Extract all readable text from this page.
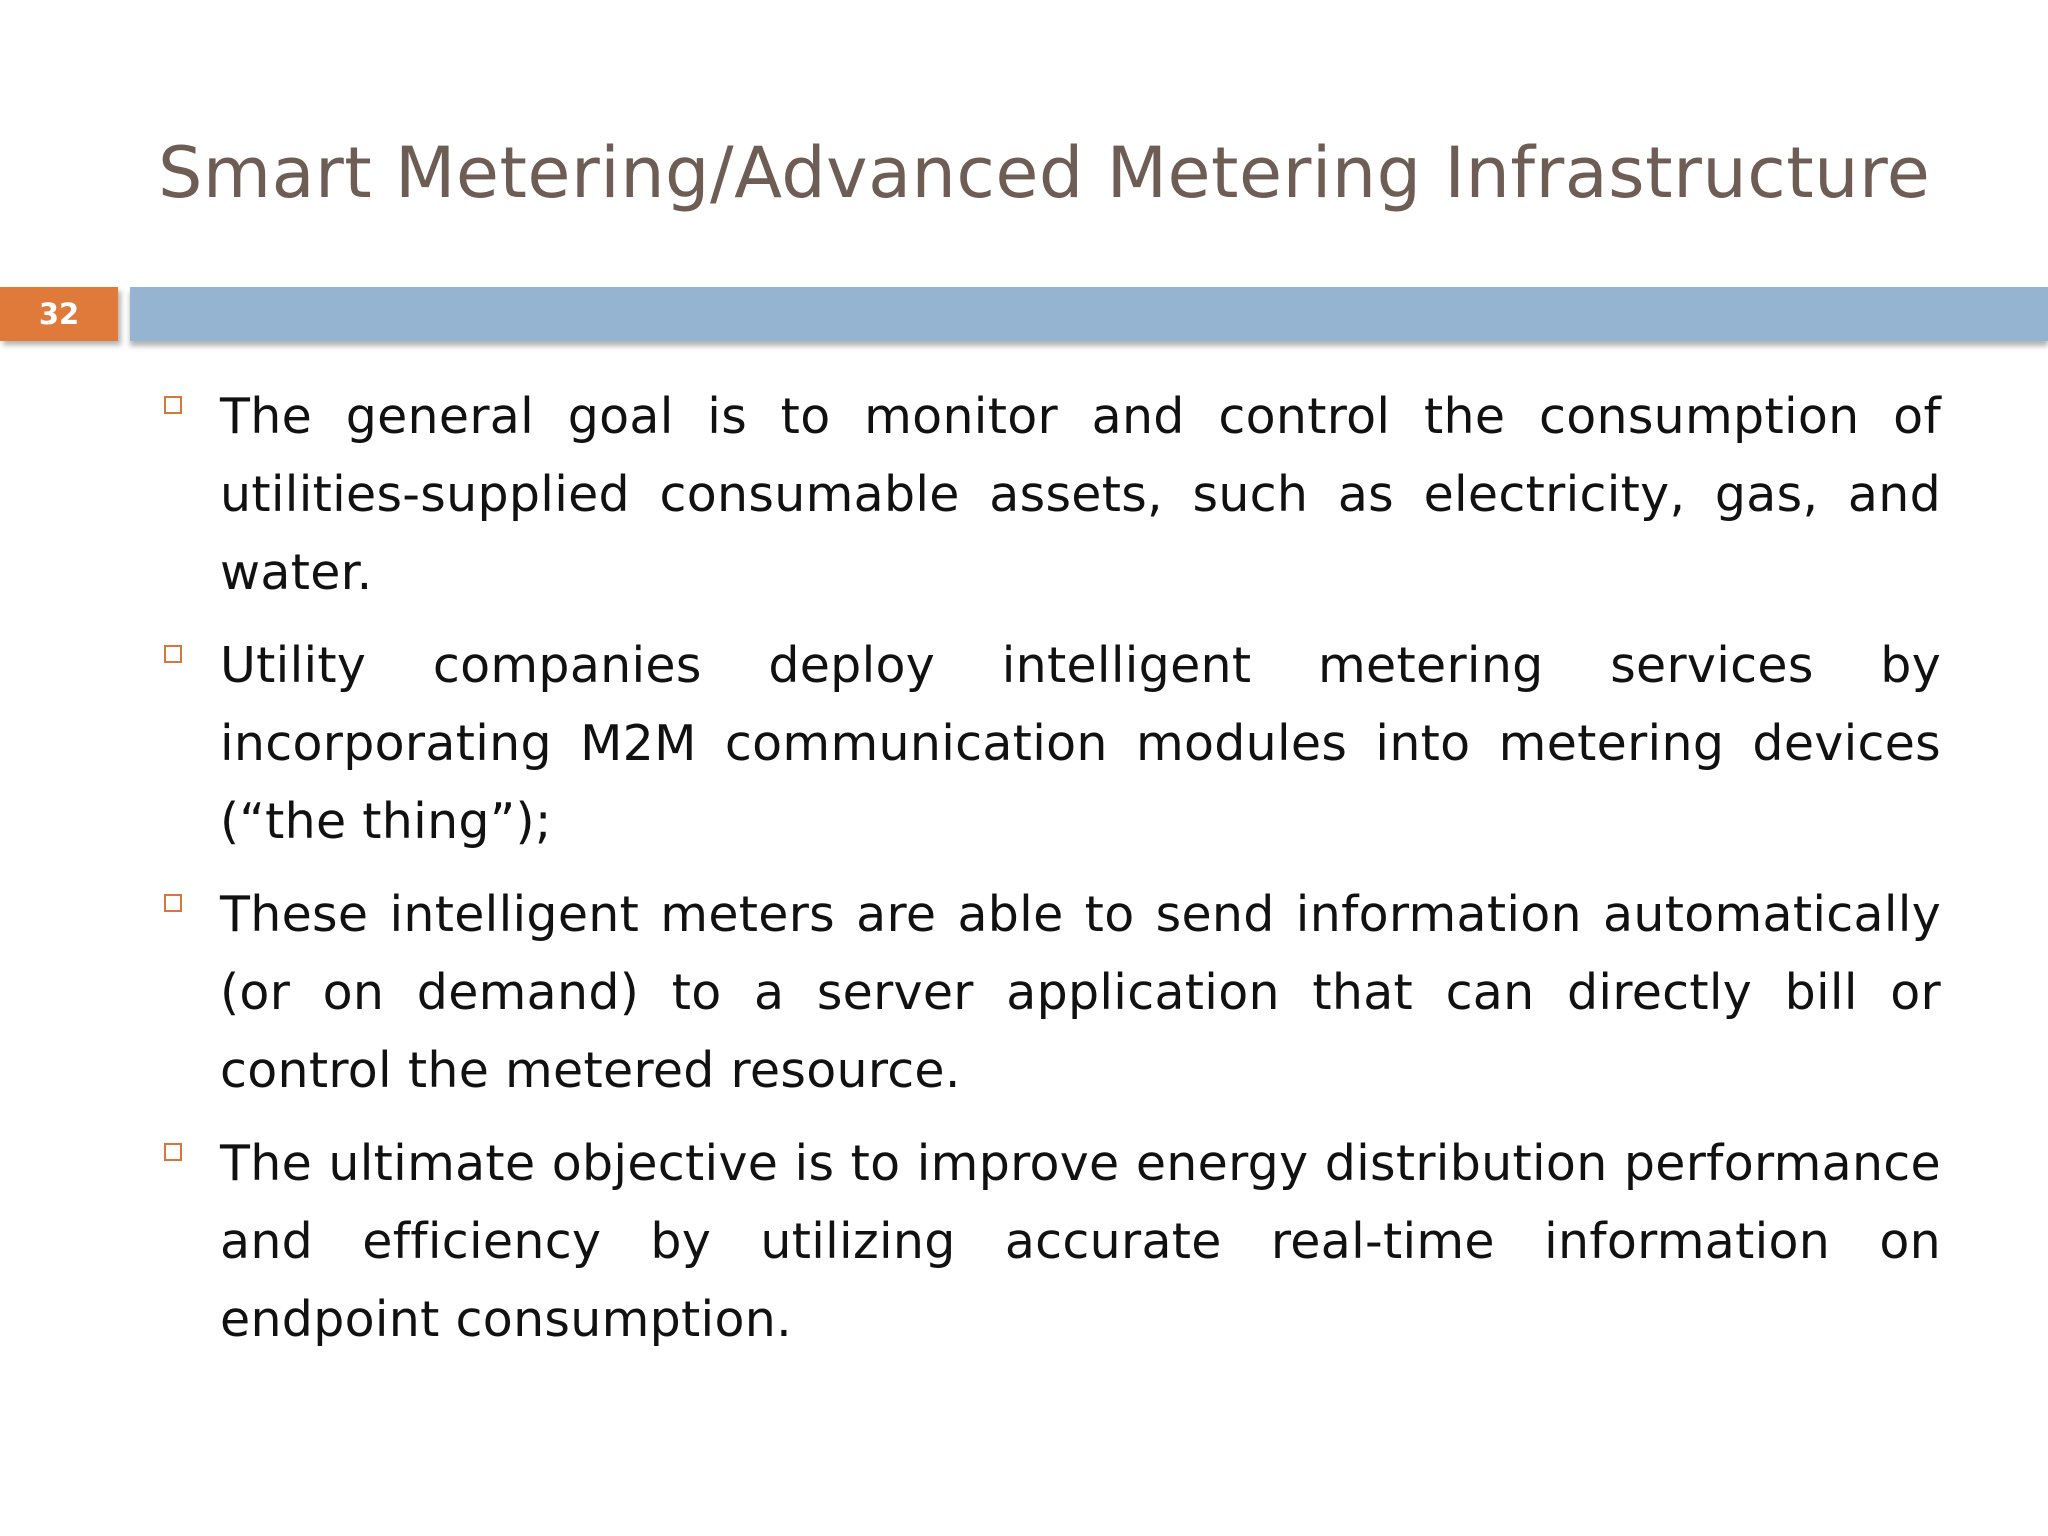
Smart Metering/Advanced Metering Infrastructure
32
The general goal is to monitor and control the consumption of utilities-supplied consumable assets, such as electricity, gas, and water.
Utility companies deploy intelligent metering services by incorporating M2M communication modules into metering devices (“the thing”);
These intelligent meters are able to send information automatically (or on demand) to a server application that can directly bill or control the metered resource.
The ultimate objective is to improve energy distribution performance and efficiency by utilizing accurate real-time information on endpoint consumption.
